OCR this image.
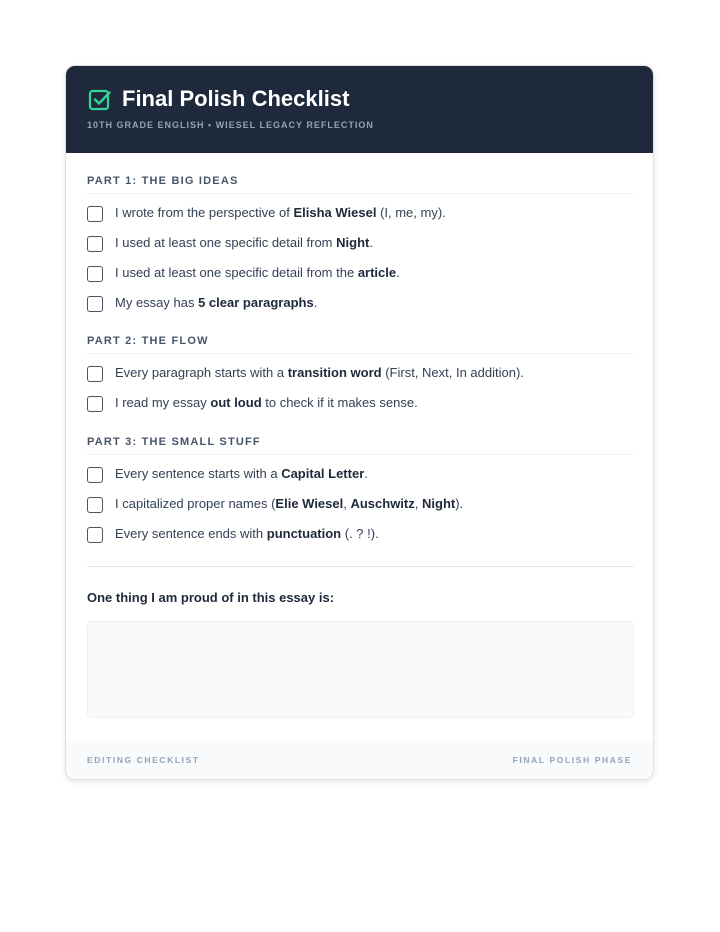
Final Polish Checklist
10TH GRADE ENGLISH • WIESEL LEGACY REFLECTION
PART 1: THE BIG IDEAS
I wrote from the perspective of Elisha Wiesel (I, me, my).
I used at least one specific detail from Night.
I used at least one specific detail from the article.
My essay has 5 clear paragraphs.
PART 2: THE FLOW
Every paragraph starts with a transition word (First, Next, In addition).
I read my essay out loud to check if it makes sense.
PART 3: THE SMALL STUFF
Every sentence starts with a Capital Letter.
I capitalized proper names (Elie Wiesel, Auschwitz, Night).
Every sentence ends with punctuation (. ? !).
One thing I am proud of in this essay is:
EDITING CHECKLIST	FINAL POLISH PHASE
